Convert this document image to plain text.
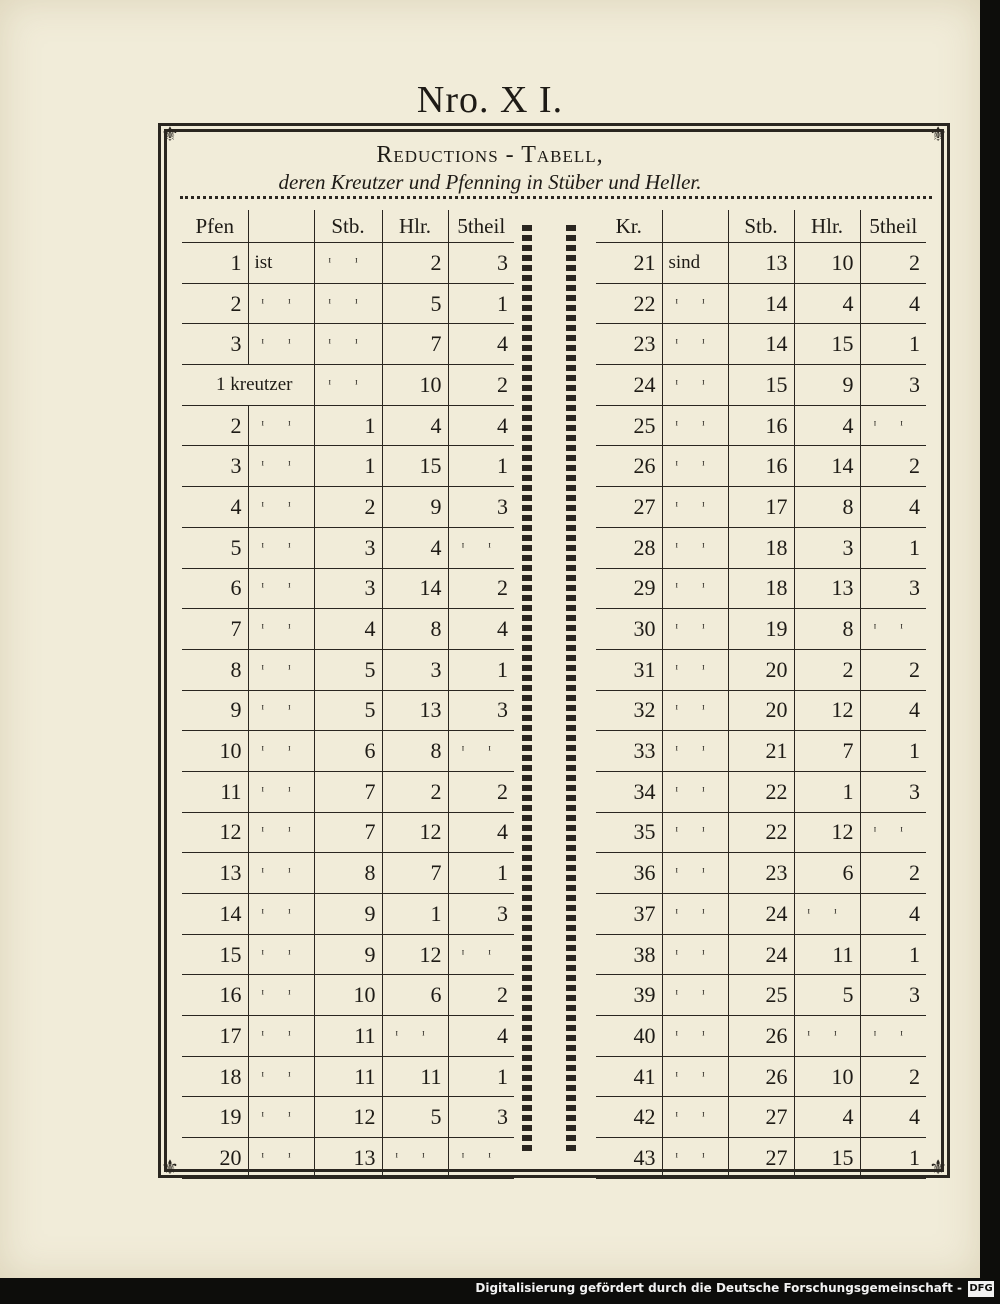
Nro. X I.
⚜	⚜
⚜	⚜
Reductions - Tabell,
deren Kreutzer und Pfenning in Stüber und Heller.
Pfen		Stb.	Hlr.	5theil
1	ist	ᶦ ᶦ	2	3
2	ᶦ ᶦ	ᶦ ᶦ	5	1
3	ᶦ ᶦ	ᶦ ᶦ	7	4
1 kreutzer		ᶦ ᶦ	10	2
2	ᶦ ᶦ	1	4	4
3	ᶦ ᶦ	1	15	1
4	ᶦ ᶦ	2	9	3
5	ᶦ ᶦ	3	4	ᶦ ᶦ
6	ᶦ ᶦ	3	14	2
7	ᶦ ᶦ	4	8	4
8	ᶦ ᶦ	5	3	1
9	ᶦ ᶦ	5	13	3
10	ᶦ ᶦ	6	8	ᶦ ᶦ
11	ᶦ ᶦ	7	2	2
12	ᶦ ᶦ	7	12	4
13	ᶦ ᶦ	8	7	1
14	ᶦ ᶦ	9	1	3
15	ᶦ ᶦ	9	12	ᶦ ᶦ
16	ᶦ ᶦ	10	6	2
17	ᶦ ᶦ	11	ᶦ ᶦ	4
18	ᶦ ᶦ	11	11	1
19	ᶦ ᶦ	12	5	3
20	ᶦ ᶦ	13	ᶦ ᶦ	ᶦ ᶦ
Kr.		Stb.	Hlr.	5theil
21	sind	13	10	2
22	ᶦ ᶦ	14	4	4
23	ᶦ ᶦ	14	15	1
24	ᶦ ᶦ	15	9	3
25	ᶦ ᶦ	16	4	ᶦ ᶦ
26	ᶦ ᶦ	16	14	2
27	ᶦ ᶦ	17	8	4
28	ᶦ ᶦ	18	3	1
29	ᶦ ᶦ	18	13	3
30	ᶦ ᶦ	19	8	ᶦ ᶦ
31	ᶦ ᶦ	20	2	2
32	ᶦ ᶦ	20	12	4
33	ᶦ ᶦ	21	7	1
34	ᶦ ᶦ	22	1	3
35	ᶦ ᶦ	22	12	ᶦ ᶦ
36	ᶦ ᶦ	23	6	2
37	ᶦ ᶦ	24	ᶦ ᶦ	4
38	ᶦ ᶦ	24	11	1
39	ᶦ ᶦ	25	5	3
40	ᶦ ᶦ	26	ᶦ ᶦ	ᶦ ᶦ
41	ᶦ ᶦ	26	10	2
42	ᶦ ᶦ	27	4	4
43	ᶦ ᶦ	27	15	1
Digitalisierung gefördert durch die Deutsche Forschungsgemeinschaft - DFG
